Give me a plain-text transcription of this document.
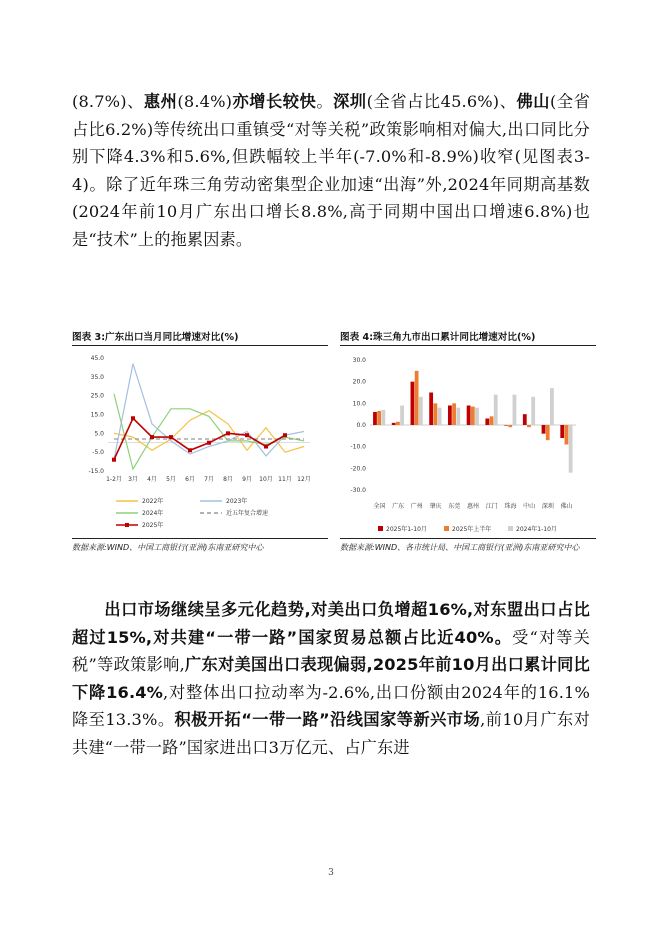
(8.7%)、惠州(8.4%)亦增长较快。深圳(全省占比45.6%)、佛山(全省占比6.2%)等传统出口重镇受“对等关税”政策影响相对偏大,出口同比分别下降4.3%和5.6%,但跌幅较上半年(-7.0%和-8.9%)收窄(见图表3-4)。除了近年珠三角劳动密集型企业加速“出海”外,2024年同期高基数(2024年前10月广东出口增长8.8%,高于同期中国出口增速6.8%)也是“技术”上的拖累因素。

图表 3:广东出口当月同比增速对比(%)
45.0
35.0
25.0
15.0
5.0
-5.0
-15.0
1-2月 3月 4月 5月 6月 7月 8月 9月 10月 11月 12月
2022年	2023年
2024年	近五年复合增速
2025年
数据来源:WIND、中国工商银行(亚洲)东南亚研究中心
图表 4:珠三角九市出口累计同比增速对比(%)
30.0
20.0
10.0
0.0
-10.0
-20.0
-30.0
全国 广东 广州 肇庆 东莞 惠州 江门 珠海 中山 深圳 佛山
2025年1-10月	2025年上半年	2024年1-10月
数据来源:WIND、各市统计局、中国工商银行(亚洲)东南亚研究中心

出口市场继续呈多元化趋势,对美出口负增超16%,对东盟出口占比超过15%,对共建“一带一路”国家贸易总额占比近40%。受“对等关税”等政策影响,广东对美国出口表现偏弱,2025年前10月出口累计同比下降16.4%,对整体出口拉动率为-2.6%,出口份额由2024年的16.1%降至13.3%。积极开拓“一带一路”沿线国家等新兴市场,前10月广东对共建“一带一路”国家进出口3万亿元、占广东进

3
